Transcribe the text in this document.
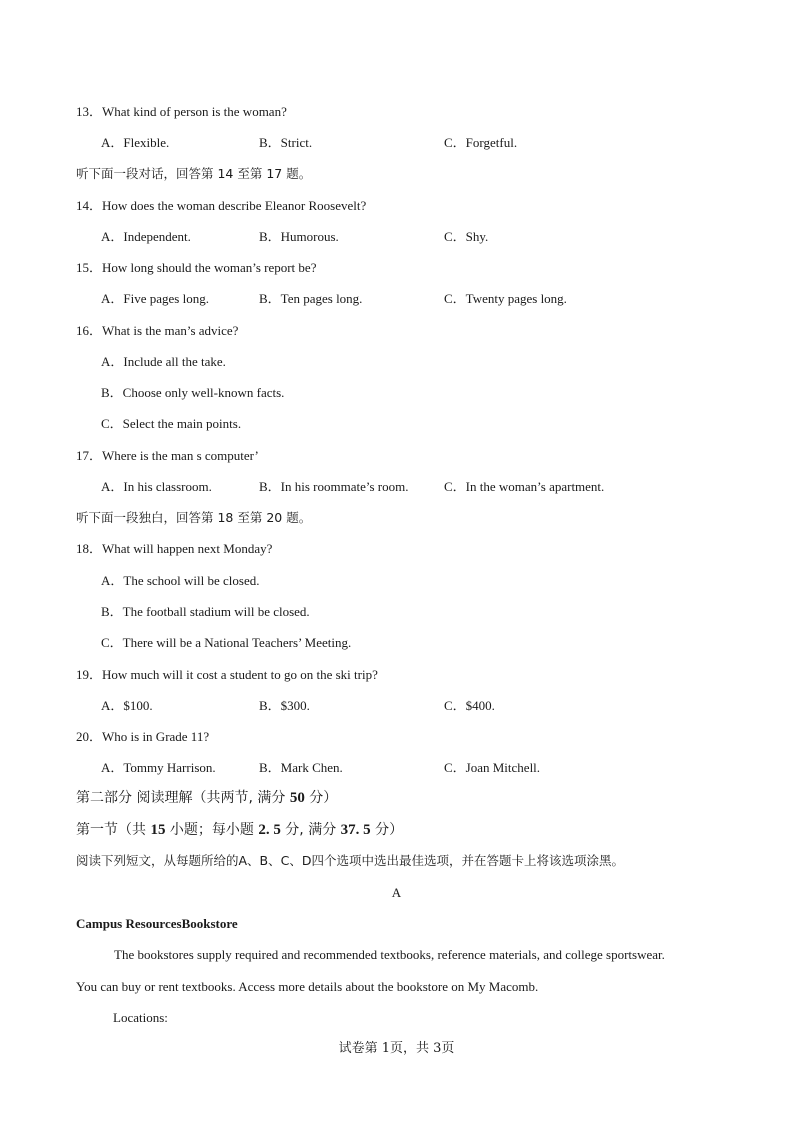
13．What kind of person is the woman?
A．Flexible.	B．Strict.	C．Forgetful.
听下面一段对话，回答第 14 至第 17 题。
14．How does the woman describe Eleanor Roosevelt?
A．Independent.	B．Humorous.	C．Shy.
15．How long should the woman’s report be?
A．Five pages long.	B．Ten pages long.	C．Twenty pages long.
16．What is the man’s advice?
A．Include all the take.
B．Choose only well-known facts.
C．Select the main points.
17．Where is the man s computer’
A．In his classroom.	B．In his roommate’s room.	C．In the woman’s apartment.
听下面一段独白，回答第 18 至第 20 题。
18．What will happen next Monday?
A．The school will be closed.
B．The football stadium will be closed.
C．There will be a National Teachers’ Meeting.
19．How much will it cost a student to go on the ski trip?
A．$100.	B．$300.	C．$400.
20．Who is in Grade 11?
A．Tommy Harrison.	B．Mark Chen.	C．Joan Mitchell.
第二部分 阅读理解（共两节, 满分 50 分）
第一节（共 15 小题；每小题 2. 5 分, 满分 37. 5 分）
阅读下列短文，从每题所给的A、B、C、D四个选项中选出最佳选项，并在答题卡上将该选项涂黑。
A
Campus ResourcesBookstore
The bookstores supply required and recommended textbooks, reference materials, and college sportswear.
You can buy or rent textbooks. Access more details about the bookstore on My Macomb.
Locations:
试卷第 1页，共 3页
